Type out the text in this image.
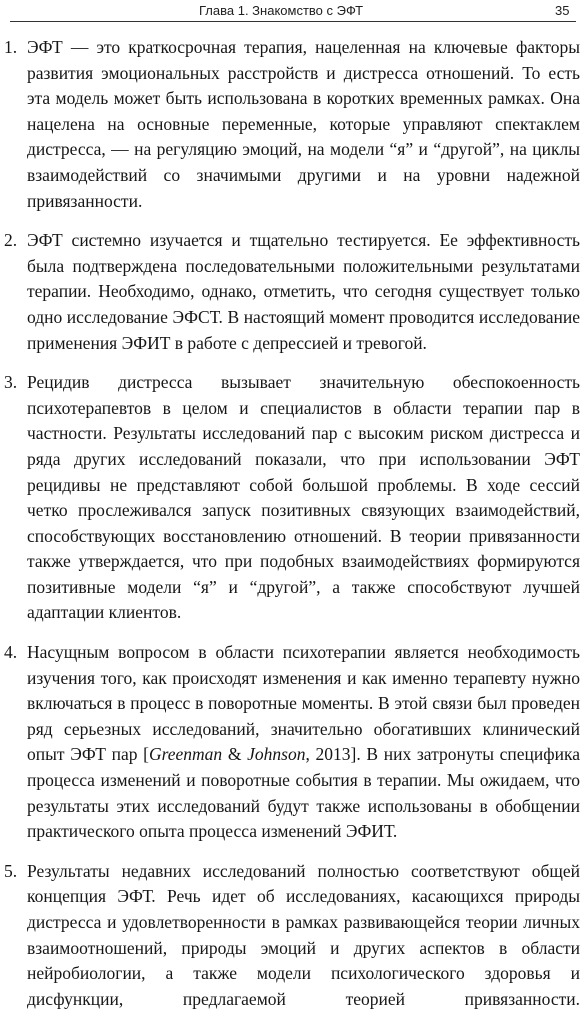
Глава 1. Знакомство с ЭФТ	35
1. ЭФТ — это краткосрочная терапия, нацеленная на ключевые факторы развития эмоциональных расстройств и дистресса отношений. То есть эта модель может быть использована в коротких временных рамках. Она нацелена на основные переменные, которые управляют спектаклем дистресса, — на регуляцию эмоций, на модели “я” и “другой”, на циклы взаимодействий со значимыми другими и на уровни надежной привязанности.
2. ЭФТ системно изучается и тщательно тестируется. Ее эффективность была подтверждена последовательными положительными результатами терапии. Необходимо, однако, отметить, что сегодня существует только одно исследование ЭФСТ. В настоящий момент проводится исследование применения ЭФИТ в работе с депрессией и тревогой.
3. Рецидив дистресса вызывает значительную обеспокоенность психотерапевтов в целом и специалистов в области терапии пар в частности. Результаты исследований пар с высоким риском дистресса и ряда других исследований показали, что при использовании ЭФТ рецидивы не представляют собой большой проблемы. В ходе сессий четко прослеживался запуск позитивных связующих взаимодействий, способствующих восстановлению отношений. В теории привязанности также утверждается, что при подобных взаимодействиях формируются позитивные модели “я” и “другой”, а также способствуют лучшей адаптации клиентов.
4. Насущным вопросом в области психотерапии является необходимость изучения того, как происходят изменения и как именно терапевту нужно включаться в процесс в поворотные моменты. В этой связи был проведен ряд серьезных исследований, значительно обогативших клинический опыт ЭФТ пар [Greenman & Johnson, 2013]. В них затронуты специфика процесса изменений и поворотные события в терапии. Мы ожидаем, что результаты этих исследований будут также использованы в обобщении практического опыта процесса изменений ЭФИТ.
5. Результаты недавних исследований полностью соответствуют общей концепция ЭФТ. Речь идет об исследованиях, касающихся природы дистресса и удовлетворенности в рамках развивающейся теории личных взаимоотношений, природы эмоций и других аспектов в области нейробиологии, а также модели психологического здоровья и дисфункции, предлагаемой теорией привязанности.
